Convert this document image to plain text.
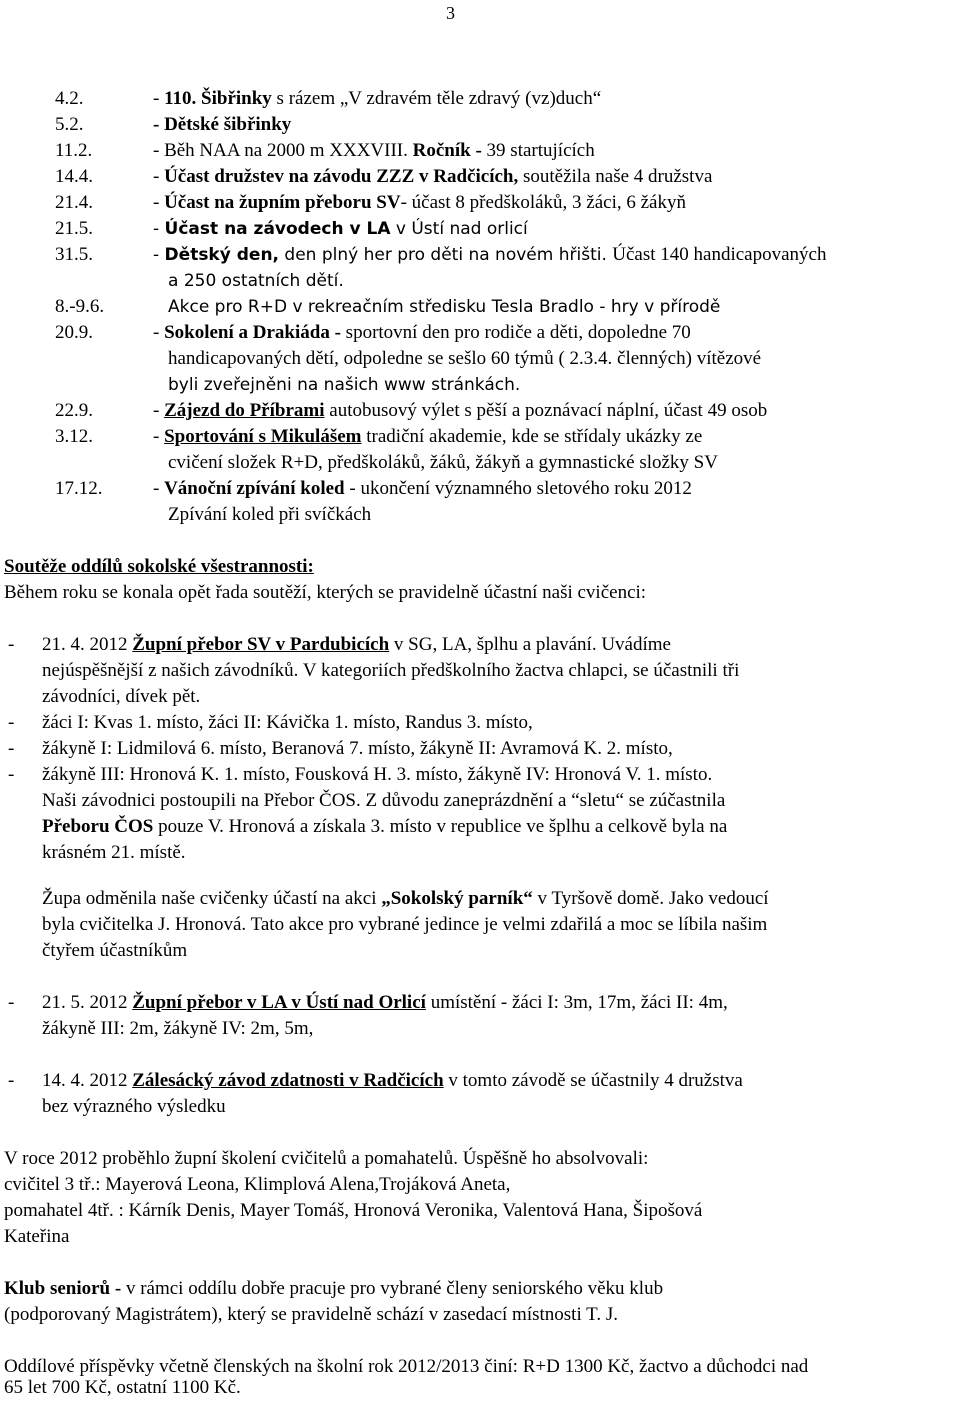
3
4.2.	- 110. Šibřinky s rázem „V zdravém těle zdravý (vz)duch“
5.2.	- Dětské šibřinky
11.2.	- Běh NAA na 2000 m XXXVIII. Ročník - 39 startujících
14.4.	- Účast družstev na závodu ZZZ v Radčicích, soutěžila naše 4 družstva
21.4.	- Účast na župním přeboru SV- účast 8 předškoláků, 3 žáci, 6 žákyň
21.5.	- Účast na závodech v LA v Ústí nad orlicí
31.5.	- Dětský den, den plný her pro děti na novém hřišti. Účast 140 handicapovaných
a 250 ostatních dětí.
8.-9.6.	Akce pro R+D v rekreačním středisku Tesla Bradlo - hry v přírodě
20.9.	- Sokolení a Drakiáda - sportovní den pro rodiče a děti, dopoledne 70
handicapovaných dětí, odpoledne se sešlo 60 týmů ( 2.3.4. členných) vítězové
byli zveřejněni na našich www stránkách.
22.9.	- Zájezd do Příbrami autobusový výlet s pěší a poznávací náplní, účast 49 osob
3.12.	- Sportování s Mikulášem tradiční akademie, kde se střídaly ukázky ze
cvičení složek R+D, předškoláků, žáků, žákyň a gymnastické složky SV
17.12.	- Vánoční zpívání koled - ukončení významného sletového roku 2012
Zpívání koled při svíčkách
Soutěže oddílů sokolské všestrannosti:
Během roku se konala opět řada soutěží, kterých se pravidelně účastní naši cvičenci:
- 21. 4. 2012 Župní přebor SV v Pardubicích v SG, LA, šplhu a plavání. Uvádíme
nejúspěšnější z našich závodníků. V kategoriích předškolního žactva chlapci, se účastnili tři
závodníci, dívek pět.
- žáci I: Kvas 1. místo, žáci II: Kávička 1. místo, Randus 3. místo,
- žákyně I: Lidmilová 6. místo, Beranová 7. místo, žákyně II: Avramová K. 2. místo,
- žákyně III: Hronová K. 1. místo, Fousková H. 3. místo, žákyně IV: Hronová V. 1. místo.
Naši závodnici postoupili na Přebor ČOS. Z důvodu zaneprázdnění a “sletu“ se zúčastnila
Přeboru ČOS pouze V. Hronová a získala 3. místo v republice ve šplhu a celkově byla na
krásném 21. místě.
Župa odměnila naše cvičenky účastí na akci „Sokolský parník“ v Tyršově domě. Jako vedoucí
byla cvičitelka J. Hronová. Tato akce pro vybrané jedince je velmi zdařilá a moc se líbila našim
čtyřem účastníkům
- 21. 5. 2012 Župní přebor v LA v Ústí nad Orlicí umístění - žáci I: 3m, 17m, žáci II: 4m,
žákyně III: 2m, žákyně IV: 2m, 5m,
- 14. 4. 2012 Zálesácký závod zdatnosti v Radčicích v tomto závodě se účastnily 4 družstva
bez výrazného výsledku
V roce 2012 proběhlo župní školení cvičitelů a pomahatelů. Úspěšně ho absolvovali:
cvičitel 3 tř.: Mayerová Leona, Klimplová Alena,Trojáková Aneta,
pomahatel 4tř. : Kárník Denis, Mayer Tomáš, Hronová Veronika, Valentová Hana, Šipošová
Kateřina
Klub seniorů - v rámci oddílu dobře pracuje pro vybrané členy seniorského věku klub
(podporovaný Magistrátem), který se pravidelně schází v zasedací místnosti T. J.
Oddílové příspěvky včetně členských na školní rok 2012/2013 činí: R+D 1300 Kč, žactvo a důchodci nad
65 let 700 Kč, ostatní 1100 Kč.
